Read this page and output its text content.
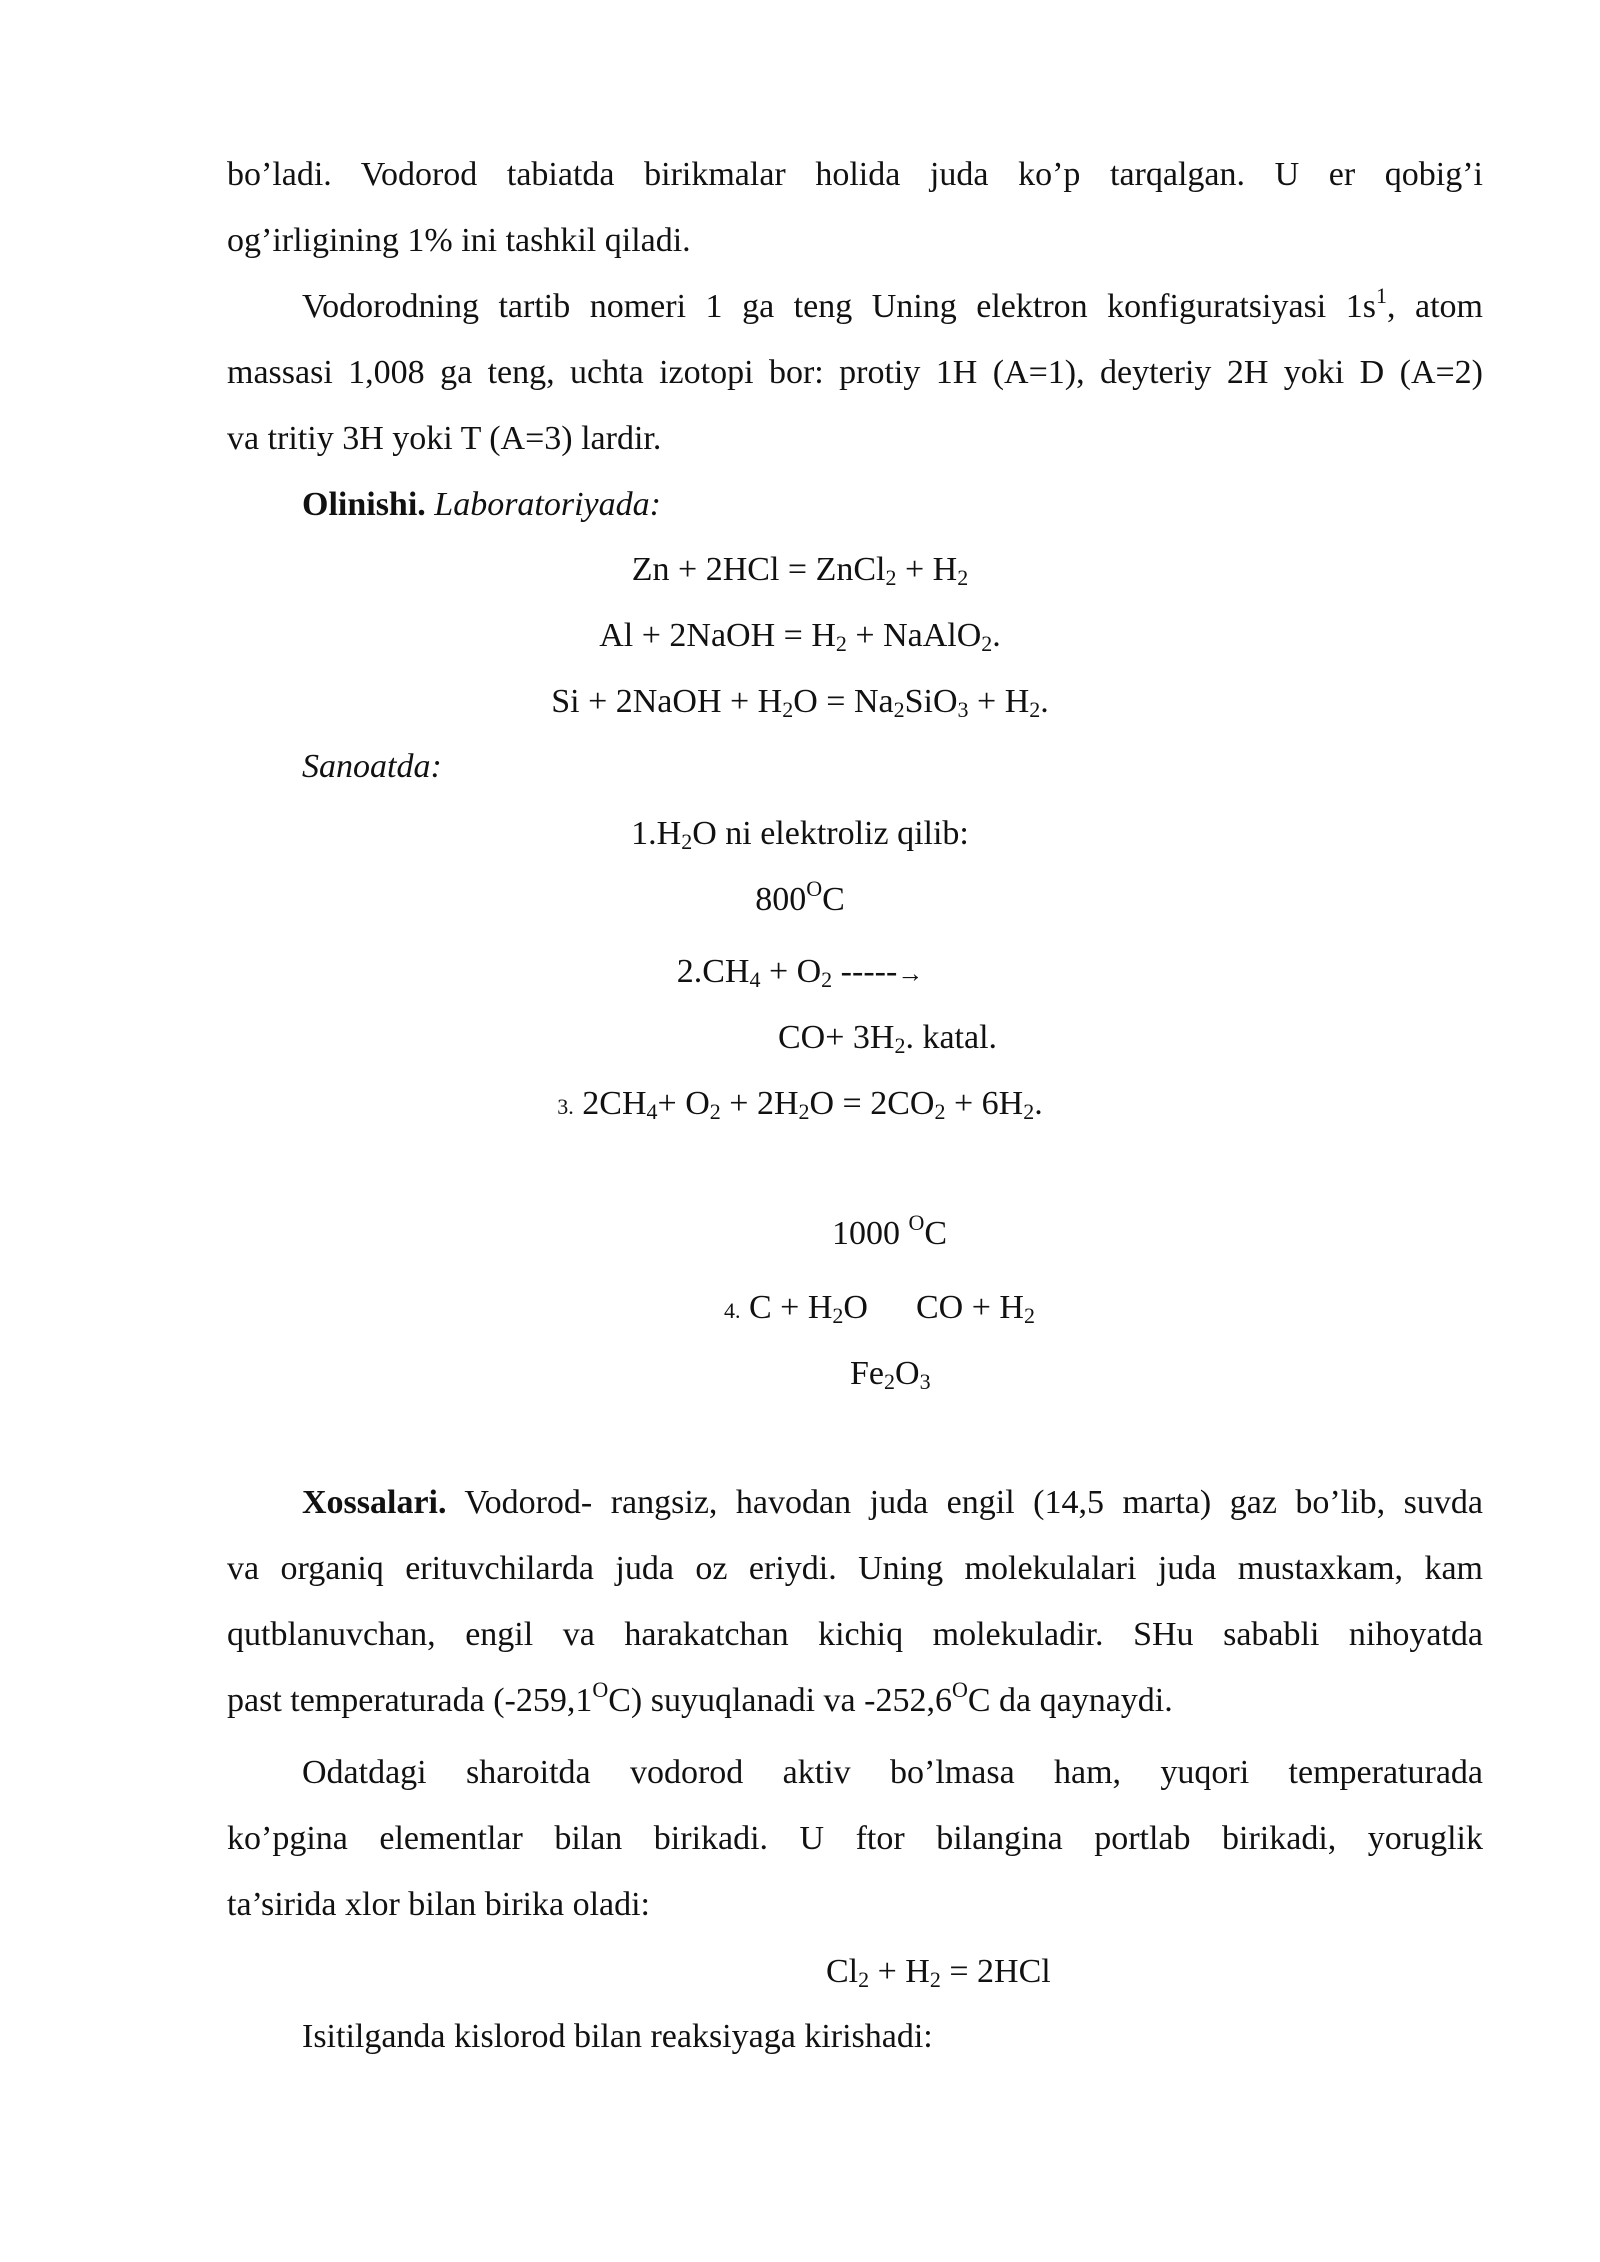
bo’ladi. Vodorod tabiatda birikmalar holida juda ko’p tarqalgan. U er qobig’i

og’irligining 1% ini tashkil qiladi.

Vodorodning tartib nomeri 1 ga teng Uning elektron konfiguratsiyasi $1s^1$, atom

massasi 1,008 ga teng, uchta izotopi bor: protiy 1H (A=1), deyteriy 2H yoki D (A=2)

va tritiy 3H yoki T (A=3) lardir.

Olinishi. Laboratoriyada:

Zn + 2HCl = ZnCl$_2$ + $H_2$

Al + 2NaOH = $H_2$ + NaAlO$_2$.

Si + 2NaOH + $H_2O = Na_2SiO_3 + H_2$.

Sanoatda:

$1.H_2O$ ni elektroliz qilib:

$800^OC$

$2.CH_4 + O_2$ -----→

$CO+ 3H_2$. katal.

3. $2CH_4+ O_2 + 2H_2O = 2CO_2 + 6H_2$.

1000 $^O$C

4. $C + H_2O$ CO + $H_2$

$Fe_2O_3$

Xossalari. Vodorod- rangsiz, havodan juda engil (14,5 marta) gaz bo’lib, suvda

va organiq erituvchilarda juda oz eriydi. Uning molekulalari juda mustaxkam, kam

qutblanuvchan, engil va harakatchan kichiq molekuladir. SHu sababli nihoyatda

past temperaturada $(-259,1^OC)$ suyuqlanadi va $-252,6^OC$ da qaynaydi.

Odatdagi sharoitda vodorod aktiv bo’lmasa ham, yuqori temperaturada

ko’pgina elementlar bilan birikadi. U ftor bilangina portlab birikadi, yoruglik

ta’sirida xlor bilan birika oladi:

$Cl_2 + H_2 = 2HCl$

Isitilganda kislorod bilan reaksiyaga kirishadi:
